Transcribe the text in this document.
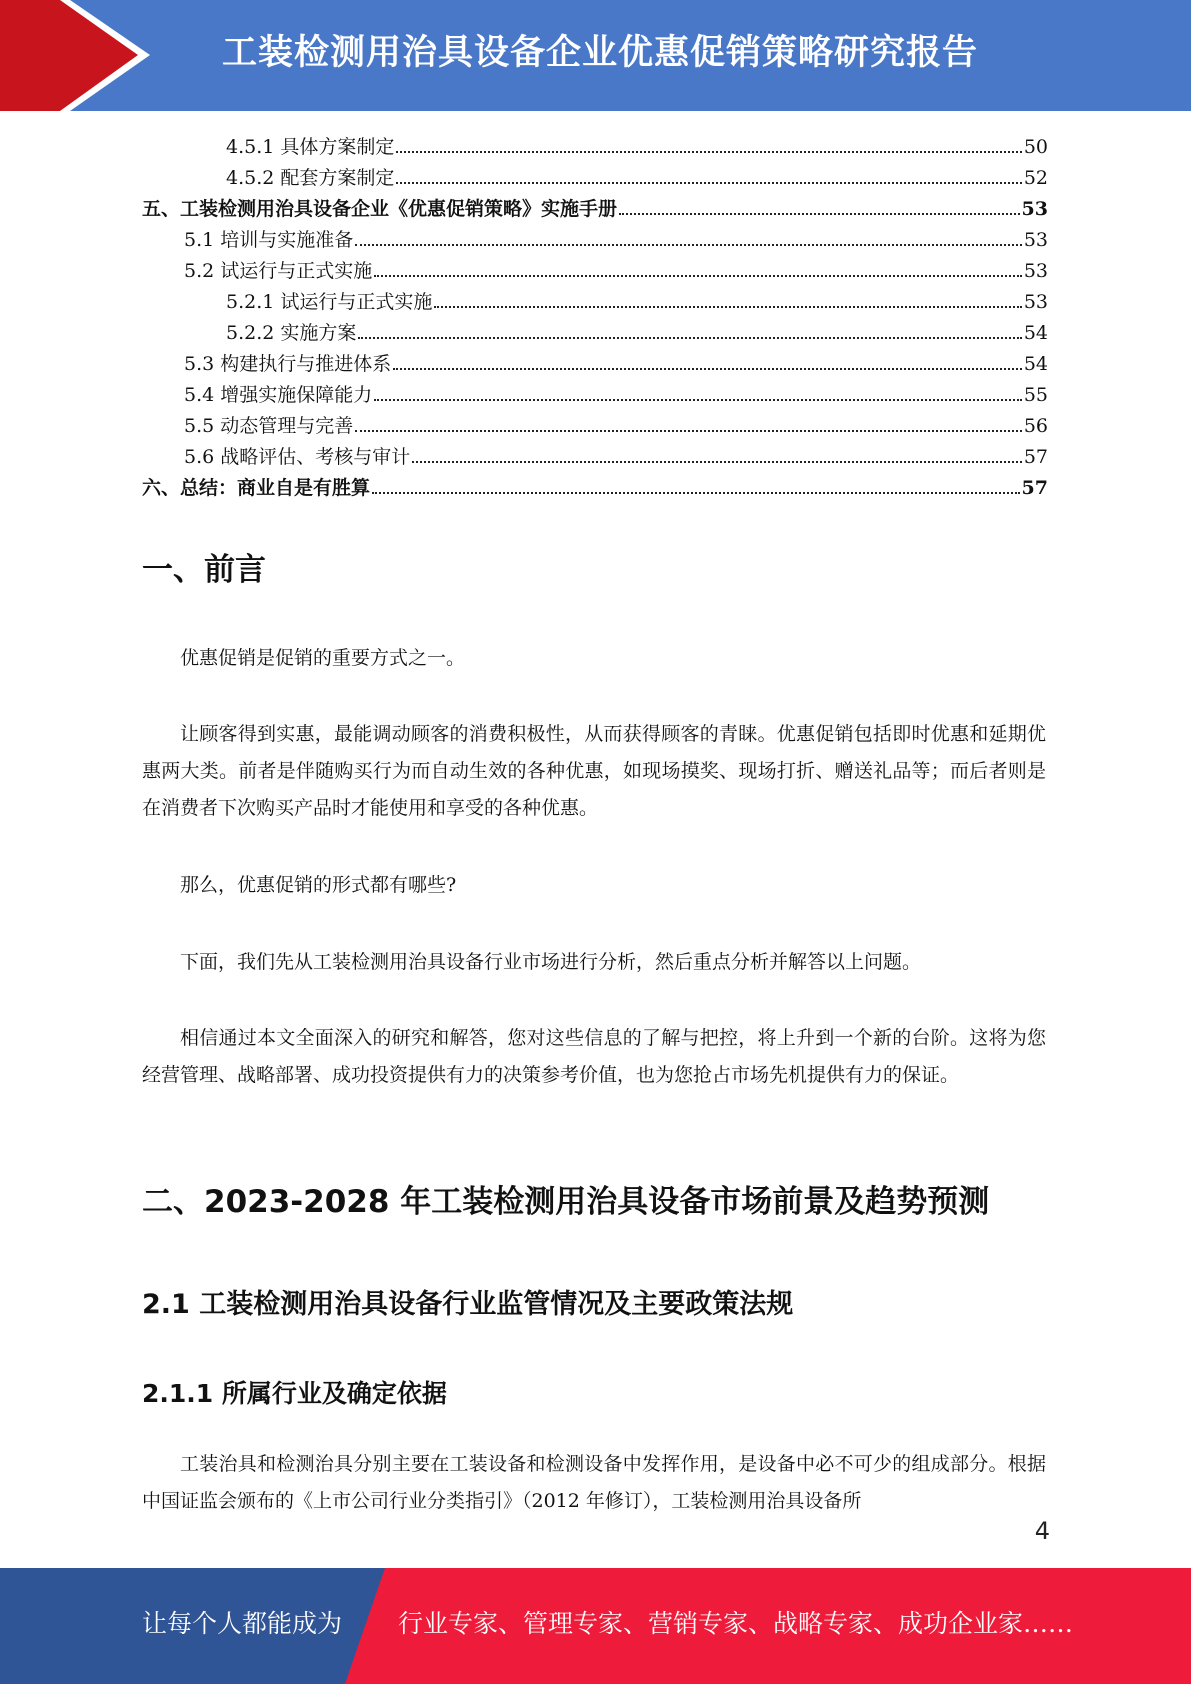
工装检测用治具设备企业优惠促销策略研究报告
4.5.1 具体方案制定	50
4.5.2 配套方案制定	52
五、工装检测用治具设备企业《优惠促销策略》实施手册	53
5.1 培训与实施准备	53
5.2 试运行与正式实施	53
5.2.1 试运行与正式实施	53
5.2.2 实施方案	54
5.3 构建执行与推进体系	54
5.4 增强实施保障能力	55
5.5 动态管理与完善	56
5.6 战略评估、考核与审计	57
六、总结：商业自是有胜算	57
一、前言

优惠促销是促销的重要方式之一。

让顾客得到实惠，最能调动顾客的消费积极性，从而获得顾客的青睐。优惠促销包括即时优惠和延期优惠两大类。前者是伴随购买行为而自动生效的各种优惠，如现场摸奖、现场打折、赠送礼品等；而后者则是在消费者下次购买产品时才能使用和享受的各种优惠。

那么，优惠促销的形式都有哪些?

下面，我们先从工装检测用治具设备行业市场进行分析，然后重点分析并解答以上问题。

相信通过本文全面深入的研究和解答，您对这些信息的了解与把控，将上升到一个新的台阶。这将为您经营管理、战略部署、成功投资提供有力的决策参考价值，也为您抢占市场先机提供有力的保证。

二、2023-2028 年工装检测用治具设备市场前景及趋势预测
2.1 工装检测用治具设备行业监管情况及主要政策法规
2.1.1 所属行业及确定依据

工装治具和检测治具分别主要在工装设备和检测设备中发挥作用，是设备中必不可少的组成部分。根据中国证监会颁布的《上市公司行业分类指引》（2012 年修订），工装检测用治具设备所

4
让每个人都能成为 行业专家、管理专家、营销专家、战略专家、成功企业家……
